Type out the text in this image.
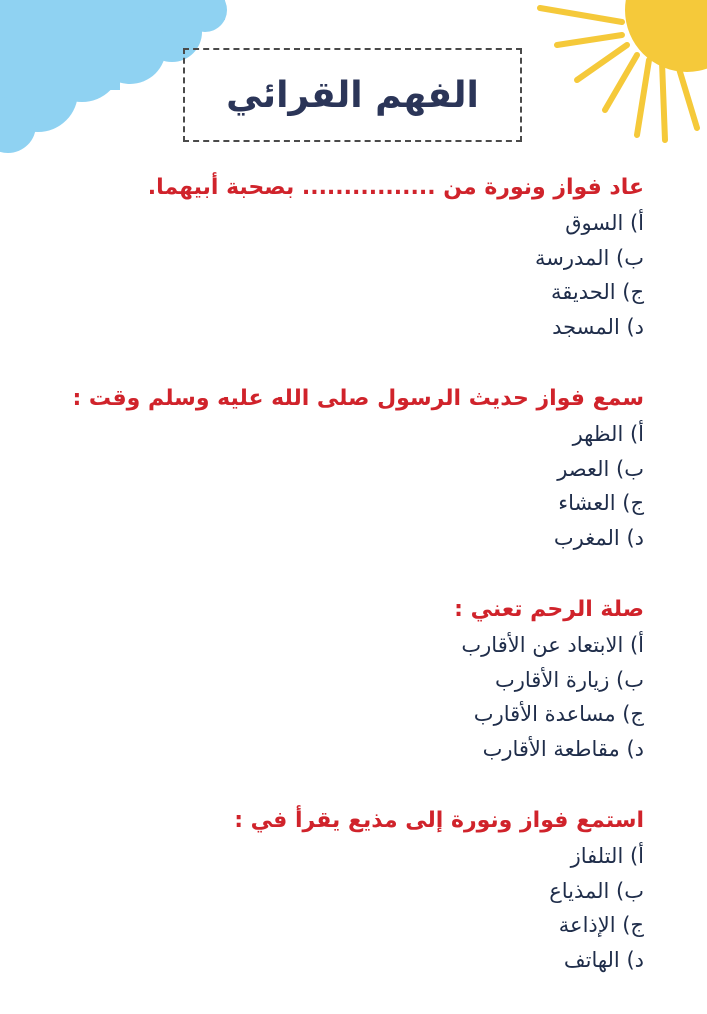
الفهم القرائي
عاد فواز ونورة من ................ بصحبة أبيهما.
أ) السوق
ب) المدرسة
ج) الحديقة
د) المسجد
سمع فواز حديث الرسول صلى الله عليه وسلم وقت :
أ) الظهر
ب) العصر
ج) العشاء
د) المغرب
صلة الرحم تعني :
أ) الابتعاد عن الأقارب
ب) زيارة الأقارب
ج) مساعدة الأقارب
د) مقاطعة الأقارب
استمع فواز ونورة إلى مذيع يقرأ في :
أ) التلفاز
ب) المذياع
ج) الإذاعة
د) الهاتف
